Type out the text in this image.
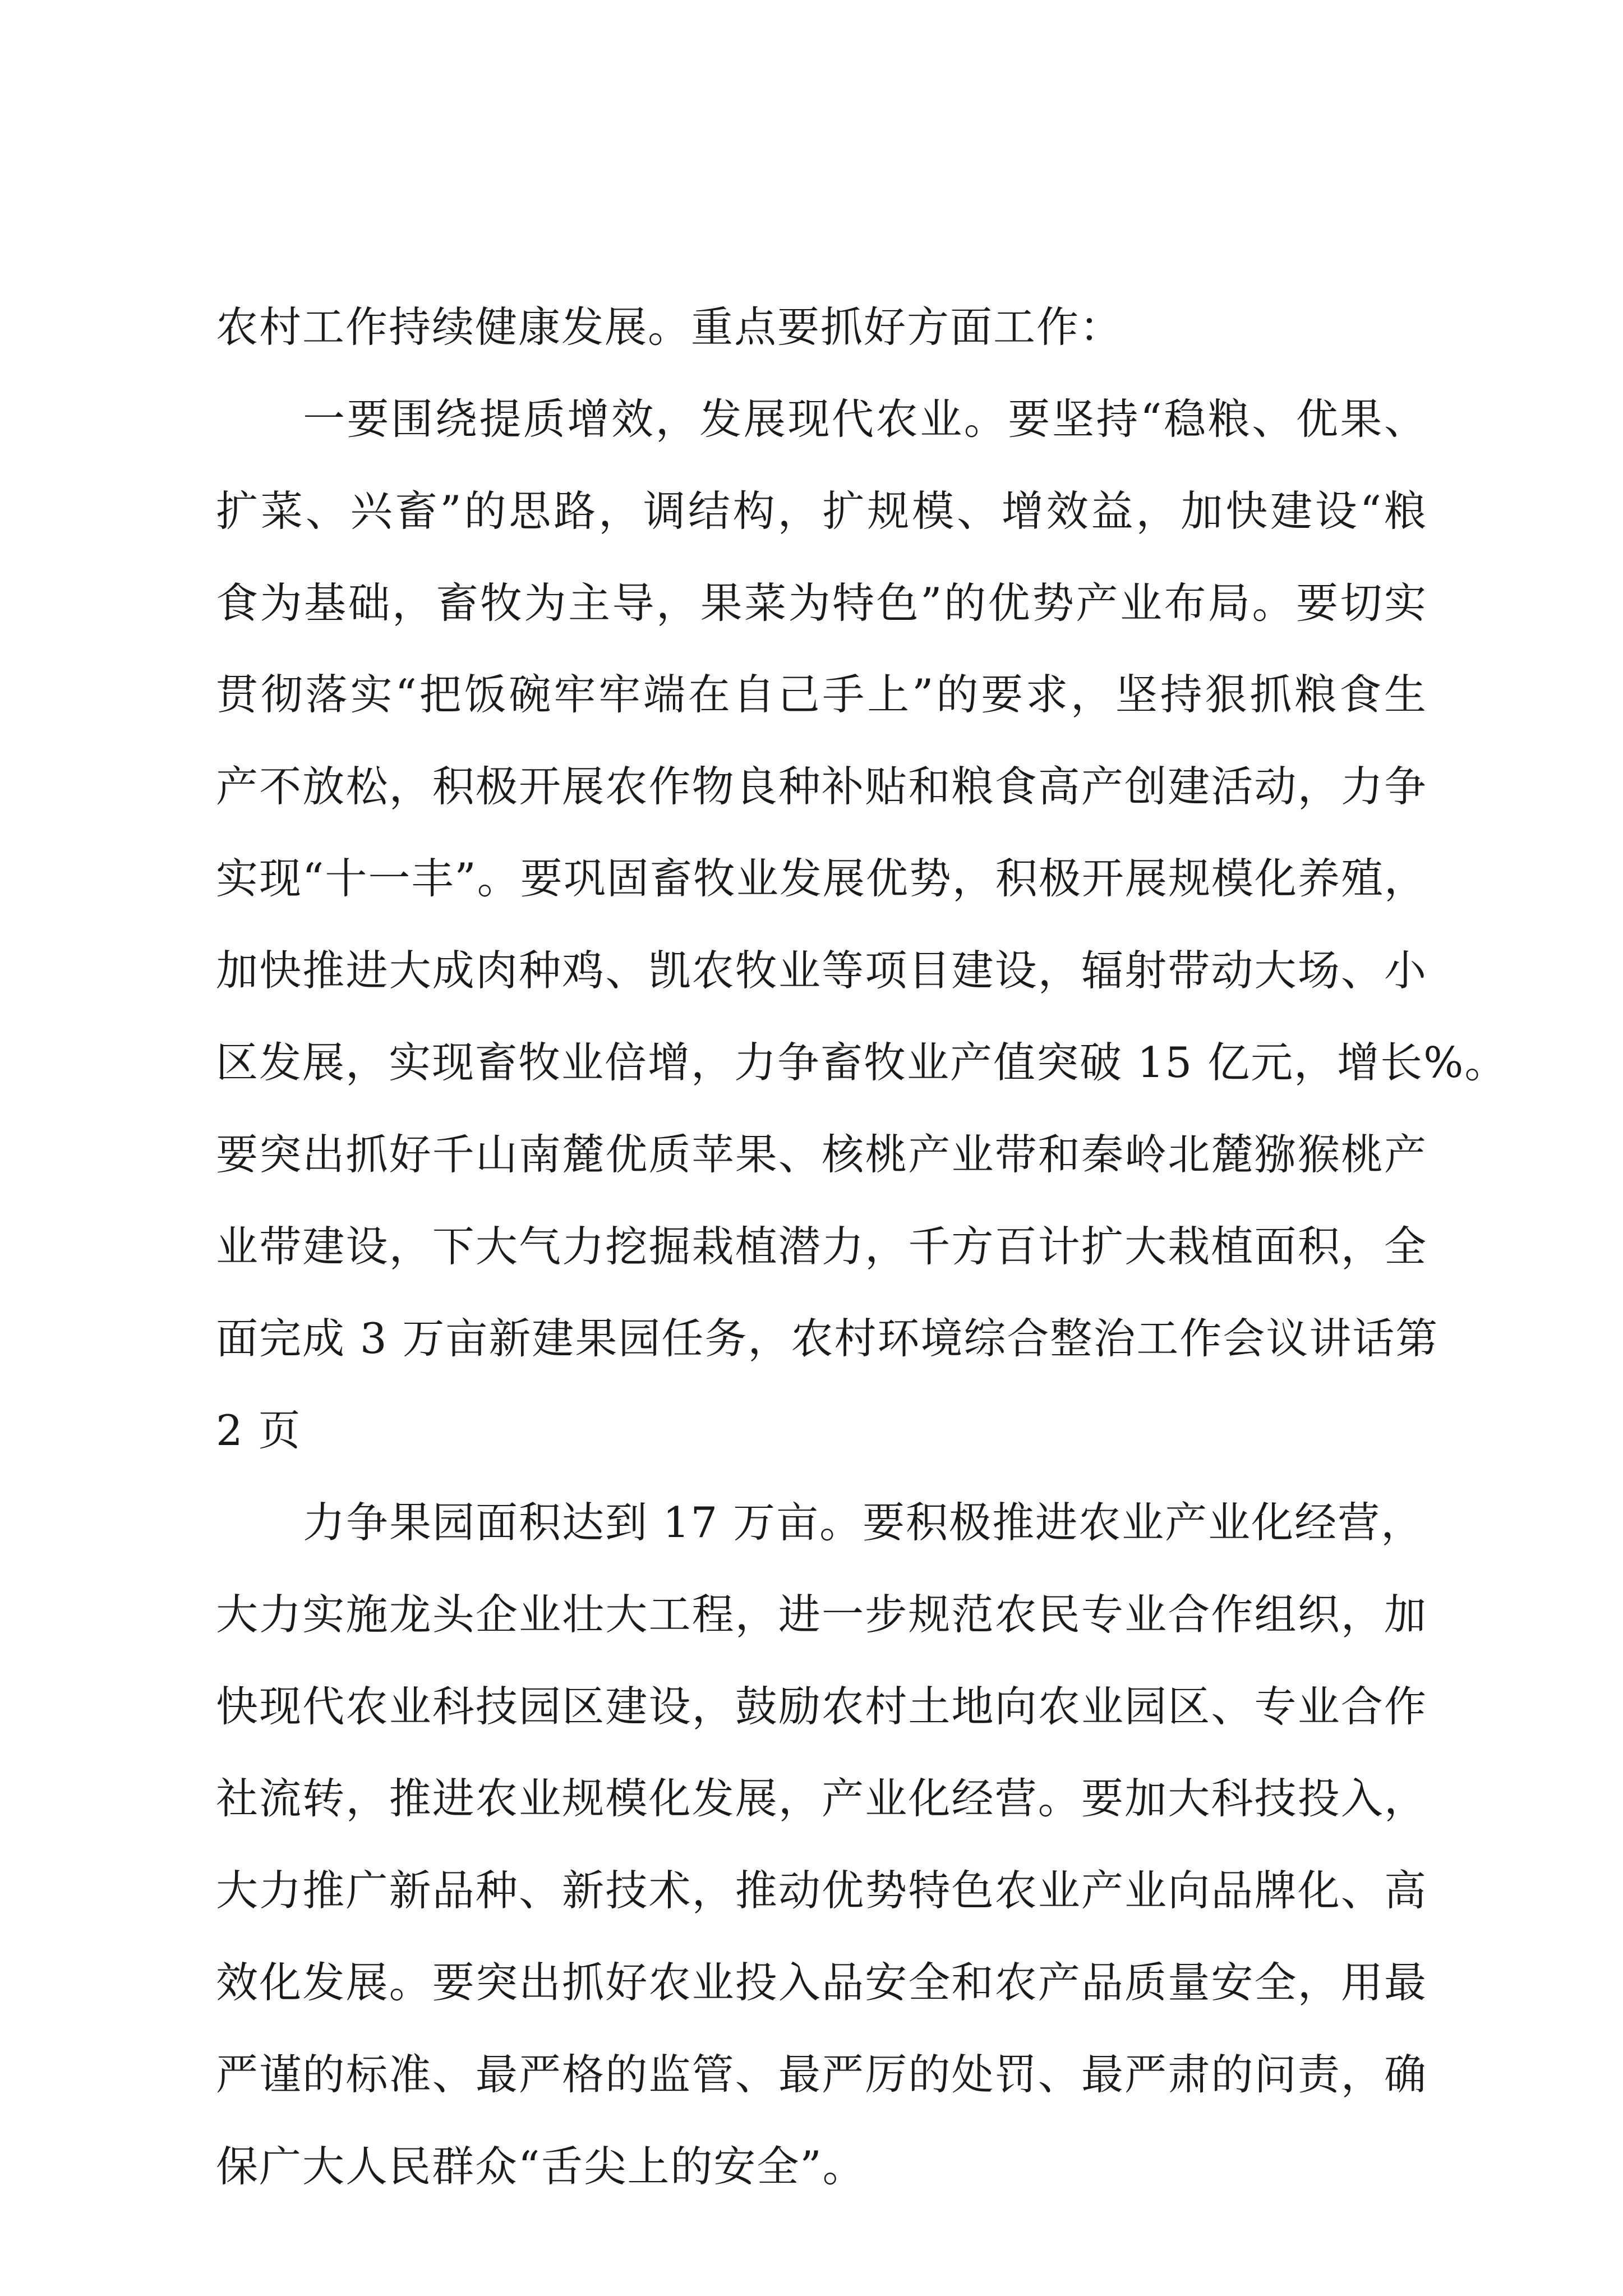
农村工作持续健康发展。重点要抓好方面工作：
一要围绕提质增效，发展现代农业。要坚持“稳粮、优果、
扩菜、兴畜”的思路，调结构，扩规模、增效益，加快建设“粮
食为基础，畜牧为主导，果菜为特色”的优势产业布局。要切实
贯彻落实“把饭碗牢牢端在自己手上”的要求，坚持狠抓粮食生
产不放松，积极开展农作物良种补贴和粮食高产创建活动，力争
实现“十一丰”。要巩固畜牧业发展优势，积极开展规模化养殖，
加快推进大成肉种鸡、凯农牧业等项目建设，辐射带动大场、小
区发展，实现畜牧业倍增，力争畜牧业产值突破 15 亿元，增长%。
要突出抓好千山南麓优质苹果、核桃产业带和秦岭北麓猕猴桃产
业带建设，下大气力挖掘栽植潜力，千方百计扩大栽植面积，全
面完成 3 万亩新建果园任务，农村环境综合整治工作会议讲话第
2 页
力争果园面积达到 17 万亩。要积极推进农业产业化经营，
大力实施龙头企业壮大工程，进一步规范农民专业合作组织，加
快现代农业科技园区建设，鼓励农村土地向农业园区、专业合作
社流转，推进农业规模化发展，产业化经营。要加大科技投入，
大力推广新品种、新技术，推动优势特色农业产业向品牌化、高
效化发展。要突出抓好农业投入品安全和农产品质量安全，用最
严谨的标准、最严格的监管、最严厉的处罚、最严肃的问责，确
保广大人民群众“舌尖上的安全”。
